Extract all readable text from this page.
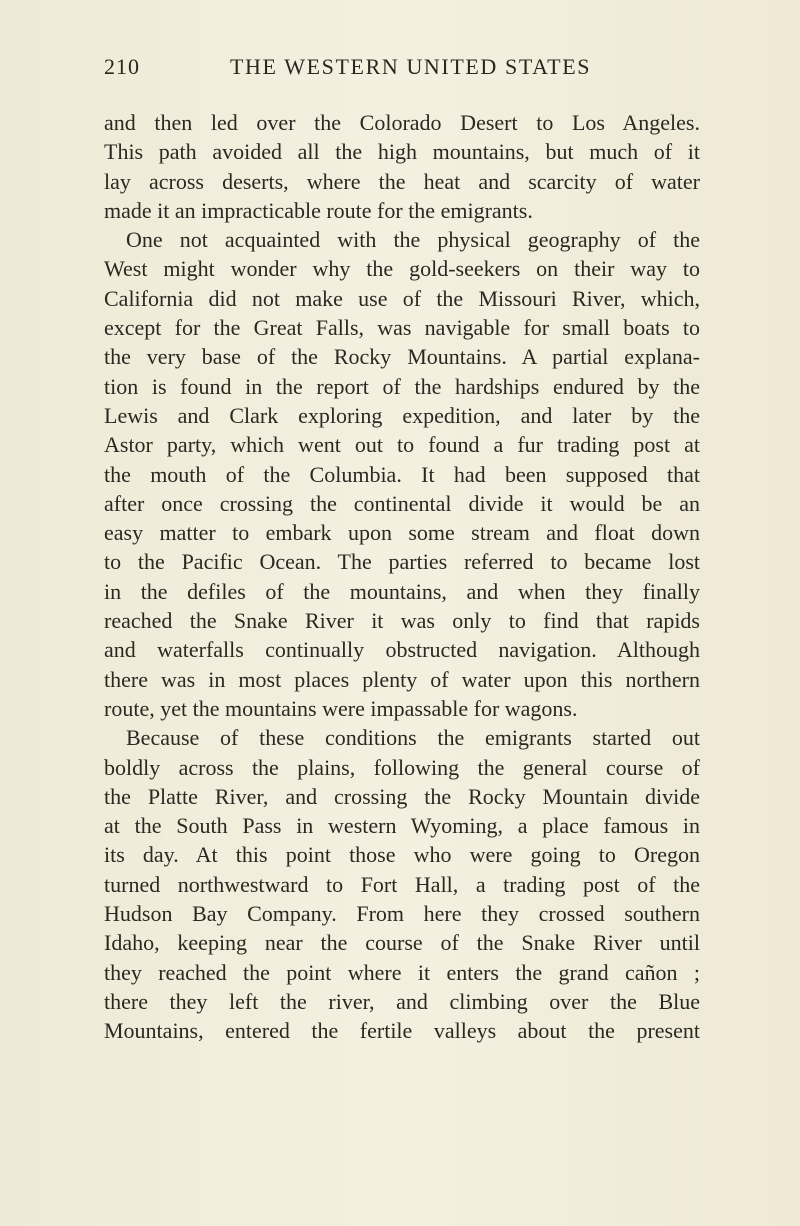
210	THE WESTERN UNITED STATES
and then led over the Colorado Desert to Los Angeles.
This path avoided all the high mountains, but much of it
lay across deserts, where the heat and scarcity of water
made it an impracticable route for the emigrants.
One not acquainted with the physical geography of the
West might wonder why the gold-seekers on their way to
California did not make use of the Missouri River, which,
except for the Great Falls, was navigable for small boats to
the very base of the Rocky Mountains. A partial explana-
tion is found in the report of the hardships endured by the
Lewis and Clark exploring expedition, and later by the
Astor party, which went out to found a fur trading post at
the mouth of the Columbia. It had been supposed that
after once crossing the continental divide it would be an
easy matter to embark upon some stream and float down
to the Pacific Ocean. The parties referred to became lost
in the defiles of the mountains, and when they finally
reached the Snake River it was only to find that rapids
and waterfalls continually obstructed navigation. Although
there was in most places plenty of water upon this northern
route, yet the mountains were impassable for wagons.
Because of these conditions the emigrants started out
boldly across the plains, following the general course of
the Platte River, and crossing the Rocky Mountain divide
at the South Pass in western Wyoming, a place famous in
its day. At this point those who were going to Oregon
turned northwestward to Fort Hall, a trading post of the
Hudson Bay Company. From here they crossed southern
Idaho, keeping near the course of the Snake River until
they reached the point where it enters the grand cañon ;
there they left the river, and climbing over the Blue
Mountains, entered the fertile valleys about the present
